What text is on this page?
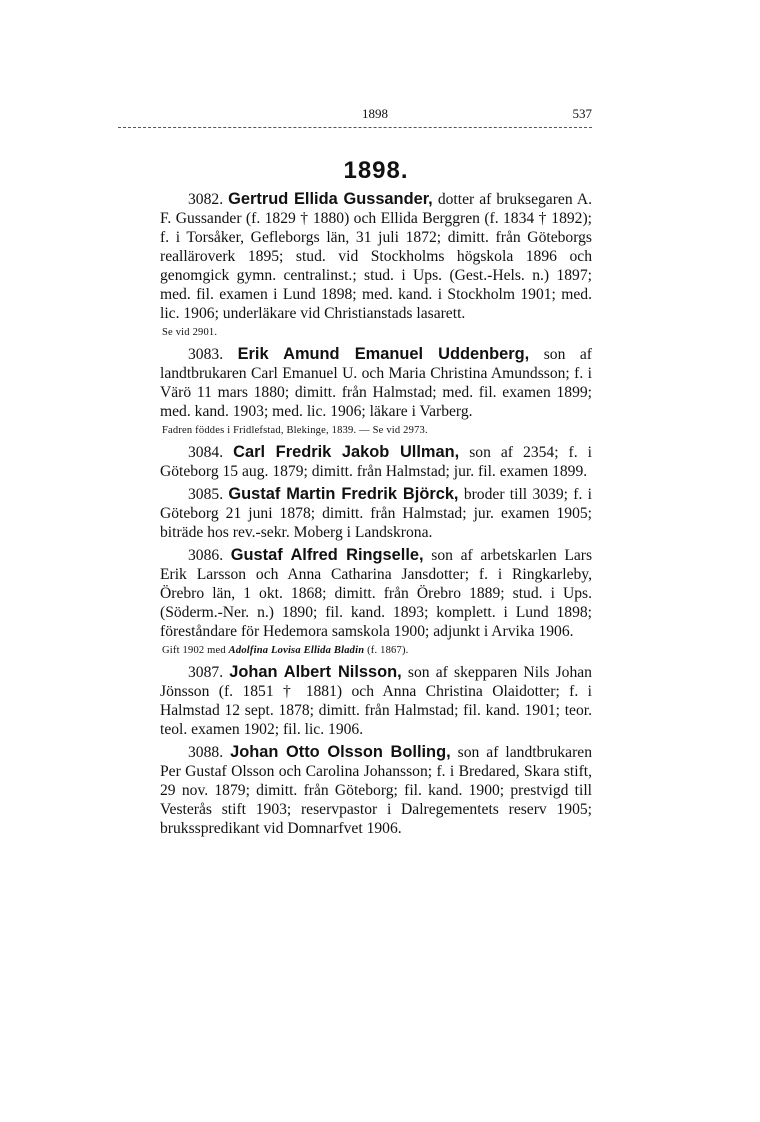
1898	537
1898.

3082. Gertrud Ellida Gussander, dotter af bruksegaren A. F. Gussander (f. 1829 † 1880) och Ellida Berggren (f. 1834 † 1892); f. i Torsåker, Gefleborgs län, 31 juli 1872; dimitt. från Göteborgs realläroverk 1895; stud. vid Stockholms högskola 1896 och genomgick gymn. centralinst.; stud. i Ups. (Gest.-Hels. n.) 1897; med. fil. examen i Lund 1898; med. kand. i Stockholm 1901; med. lic. 1906; underläkare vid Christianstads lasarett.

Se vid 2901.

3083. Erik Amund Emanuel Uddenberg, son af landtbrukaren Carl Emanuel U. och Maria Christina Amundsson; f. i Värö 11 mars 1880; dimitt. från Halmstad; med. fil. examen 1899; med. kand. 1903; med. lic. 1906; läkare i Varberg.

Fadren föddes i Fridlefstad, Blekinge, 1839. — Se vid 2973.

3084. Carl Fredrik Jakob Ullman, son af 2354; f. i Göteborg 15 aug. 1879; dimitt. från Halmstad; jur. fil. examen 1899.

3085. Gustaf Martin Fredrik Björck, broder till 3039; f. i Göteborg 21 juni 1878; dimitt. från Halmstad; jur. examen 1905; biträde hos rev.-sekr. Moberg i Landskrona.

3086. Gustaf Alfred Ringselle, son af arbetskarlen Lars Erik Larsson och Anna Catharina Jansdotter; f. i Ringkarleby, Örebro län, 1 okt. 1868; dimitt. från Örebro 1889; stud. i Ups. (Söderm.-Ner. n.) 1890; fil. kand. 1893; komplett. i Lund 1898; föreståndare för Hedemora samskola 1900; adjunkt i Arvika 1906.

Gift 1902 med Adolfina Lovisa Ellida Bladin (f. 1867).

3087. Johan Albert Nilsson, son af skepparen Nils Johan Jönsson (f. 1851 † 1881) och Anna Christina Olaidotter; f. i Halmstad 12 sept. 1878; dimitt. från Halmstad; fil. kand. 1901; teor. teol. examen 1902; fil. lic. 1906.

3088. Johan Otto Olsson Bolling, son af landtbrukaren Per Gustaf Olsson och Carolina Johansson; f. i Bredared, Skara stift, 29 nov. 1879; dimitt. från Göteborg; fil. kand. 1900; prestvigd till Vesterås stift 1903; reservpastor i Dalregementets reserv 1905; bruksspredikant vid Domnarfvet 1906.
